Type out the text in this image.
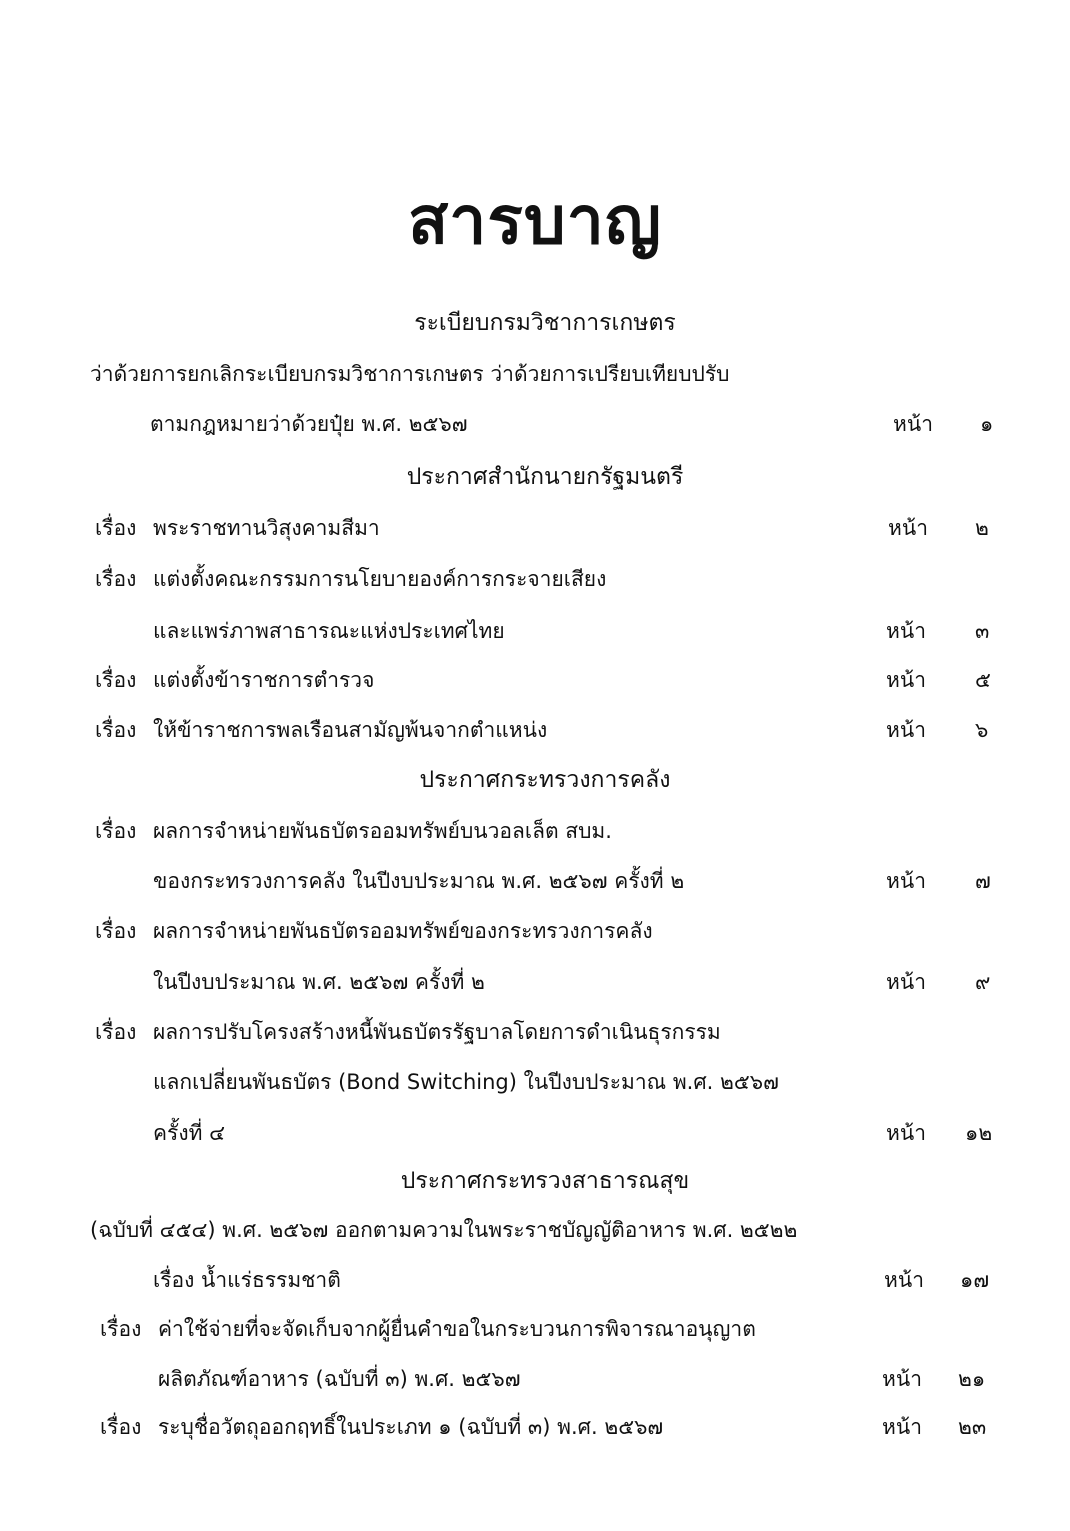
สารบาญ
ระเบียบกรมวิชาการเกษตร
ว่าด้วยการยกเลิกระเบียบกรมวิชาการเกษตร ว่าด้วยการเปรียบเทียบปรับ
ตามกฎหมายว่าด้วยปุ๋ย พ.ศ. ๒๕๖๗	หน้า ๑
ประกาศสำนักนายกรัฐมนตรี
เรื่อง พระราชทานวิสุงคามสีมา	หน้า ๒
เรื่อง แต่งตั้งคณะกรรมการนโยบายองค์การกระจายเสียง
และแพร่ภาพสาธารณะแห่งประเทศไทย	หน้า ๓
เรื่อง แต่งตั้งข้าราชการตำรวจ	หน้า ๕
เรื่อง ให้ข้าราชการพลเรือนสามัญพ้นจากตำแหน่ง	หน้า ๖
ประกาศกระทรวงการคลัง
เรื่อง ผลการจำหน่ายพันธบัตรออมทรัพย์บนวอลเล็ต สบม.
ของกระทรวงการคลัง ในปีงบประมาณ พ.ศ. ๒๕๖๗ ครั้งที่ ๒	หน้า ๗
เรื่อง ผลการจำหน่ายพันธบัตรออมทรัพย์ของกระทรวงการคลัง
ในปีงบประมาณ พ.ศ. ๒๕๖๗ ครั้งที่ ๒	หน้า ๙
เรื่อง ผลการปรับโครงสร้างหนี้พันธบัตรรัฐบาลโดยการดำเนินธุรกรรม
แลกเปลี่ยนพันธบัตร (Bond Switching) ในปีงบประมาณ พ.ศ. ๒๕๖๗
ครั้งที่ ๔	หน้า ๑๒
ประกาศกระทรวงสาธารณสุข
(ฉบับที่ ๔๕๔) พ.ศ. ๒๕๖๗ ออกตามความในพระราชบัญญัติอาหาร พ.ศ. ๒๕๒๒
เรื่อง น้ำแร่ธรรมชาติ	หน้า ๑๗
เรื่อง ค่าใช้จ่ายที่จะจัดเก็บจากผู้ยื่นคำขอในกระบวนการพิจารณาอนุญาต
ผลิตภัณฑ์อาหาร (ฉบับที่ ๓) พ.ศ. ๒๕๖๗	หน้า ๒๑
เรื่อง ระบุชื่อวัตถุออกฤทธิ์ในประเภท ๑ (ฉบับที่ ๓) พ.ศ. ๒๕๖๗	หน้า ๒๓
